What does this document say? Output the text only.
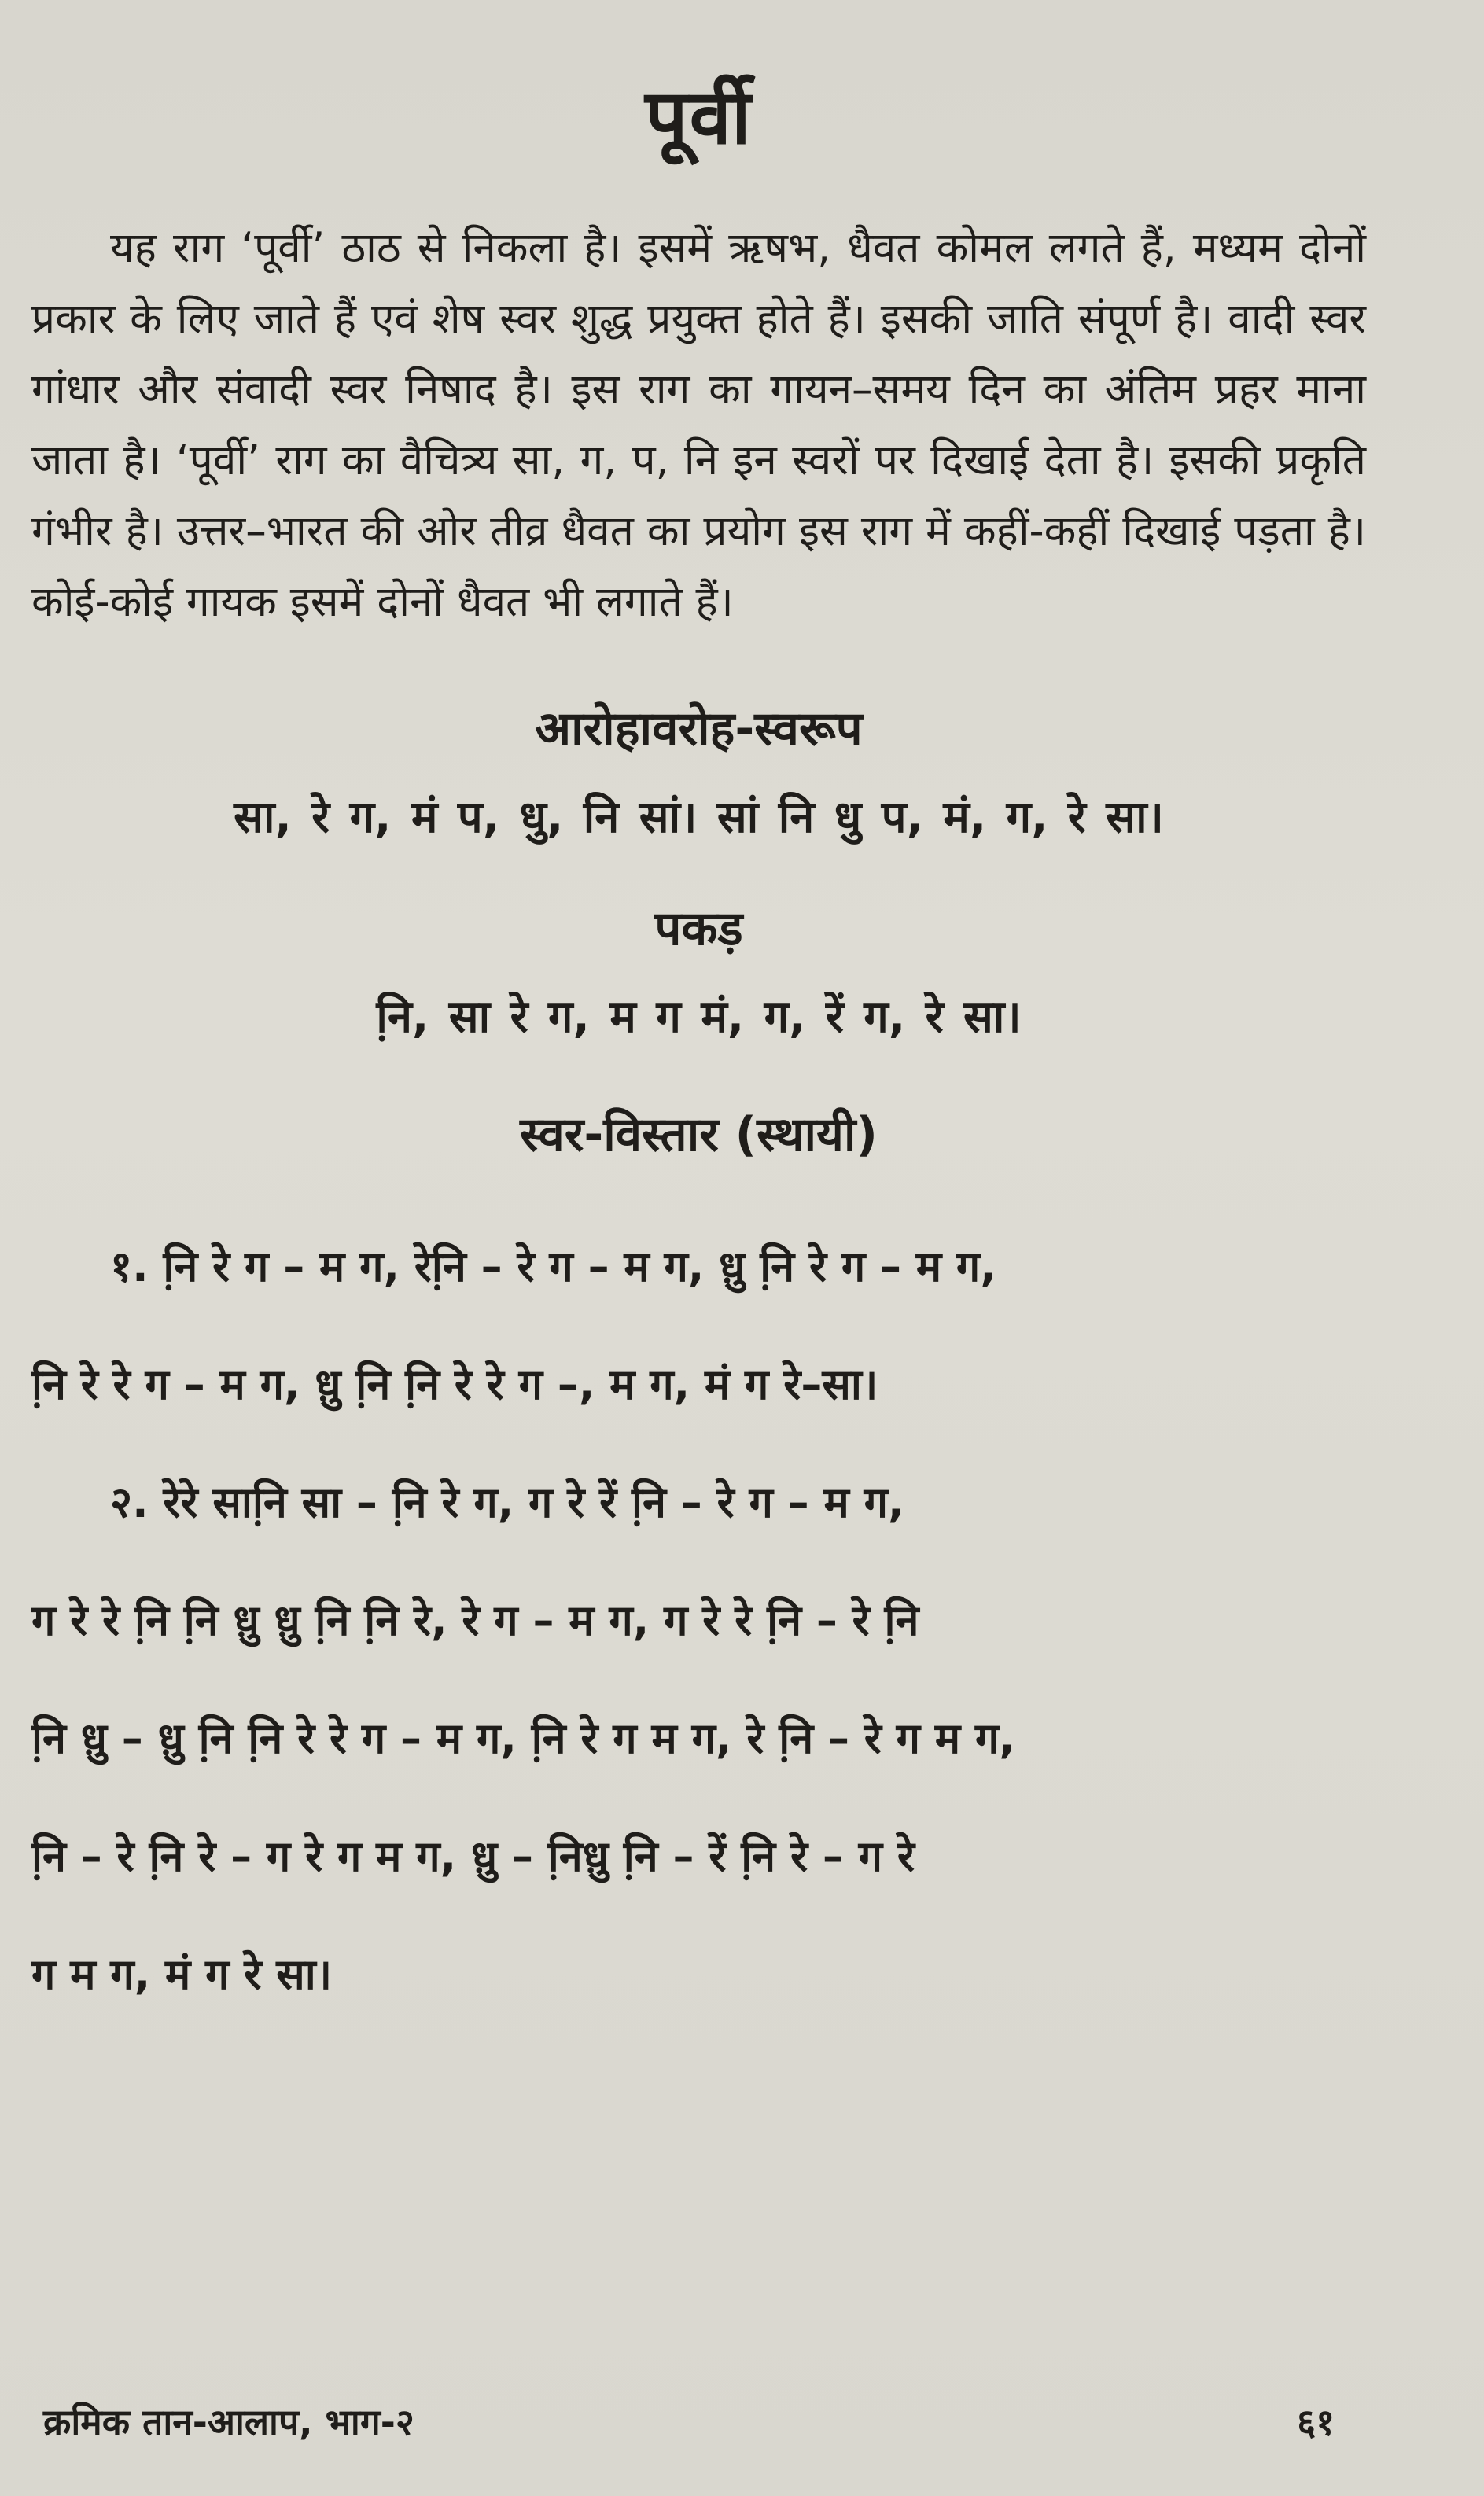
पूर्वी

यह राग ‘पूर्वी’ ठाठ से निकला है। इसमें ऋषभ, धैवत कोमल लगते हैं, मध्यम दोनों प्रकार के लिए जाते हैं एवं शेष स्वर शुद्ध प्रयुक्त होते हैं। इसकी जाति संपूर्ण है। वादी स्वर गांधार और संवादी स्वर निषाद है। इस राग का गायन–समय दिन का अंतिम प्रहर माना जाता है। ‘पूर्वी’ राग का वैचित्र्य सा, ग, प, नि इन स्वरों पर दिखाई देता है। इसकी प्रकृति गंभीर है। उत्तर–भारत की ओर तीव्र धैवत का प्रयोग इस राग में कहीं-कहीं दिखाई पड़ता है। कोई-कोई गायक इसमें दोनों धैवत भी लगाते हैं।

आरोहावरोह-स्वरूप

सा, रे ग, मं प, धु, नि सां। सां नि धु प, मं, ग, रे सा।

पकड़

नि़, सा रे ग, म ग मं, ग, रें ग, रे सा।

स्वर-विस्तार (स्थायी)

१. नि़ रे ग – म ग, रेनि़ – रे ग – म ग, धु़ नि़ रे ग – म ग,

नि़ रे रे ग – म ग, धु़ नि़ नि़ रे रे ग –, म ग, मं ग रे–सा।

२. रेरे सानि़ सा – नि़ रे ग, ग रे रें नि़ – रे ग – म ग,

ग रे रे नि़ नि़ धु़ धु़ नि़ नि़ रे, रे ग – म ग, ग रे रे नि़ – रे नि़

नि़ धु़ – धु़ नि़ नि़ रे रे ग – म ग, नि़ रे ग म ग, रे नि़ – रे ग म ग,

नि़ – रे नि़ रे – ग रे ग म ग, धु़ – नि़धु़ नि़ – रें नि़ रे – ग रे

ग म ग, मं ग रे सा।

क्रमिक तान-आलाप, भाग-२	६१
